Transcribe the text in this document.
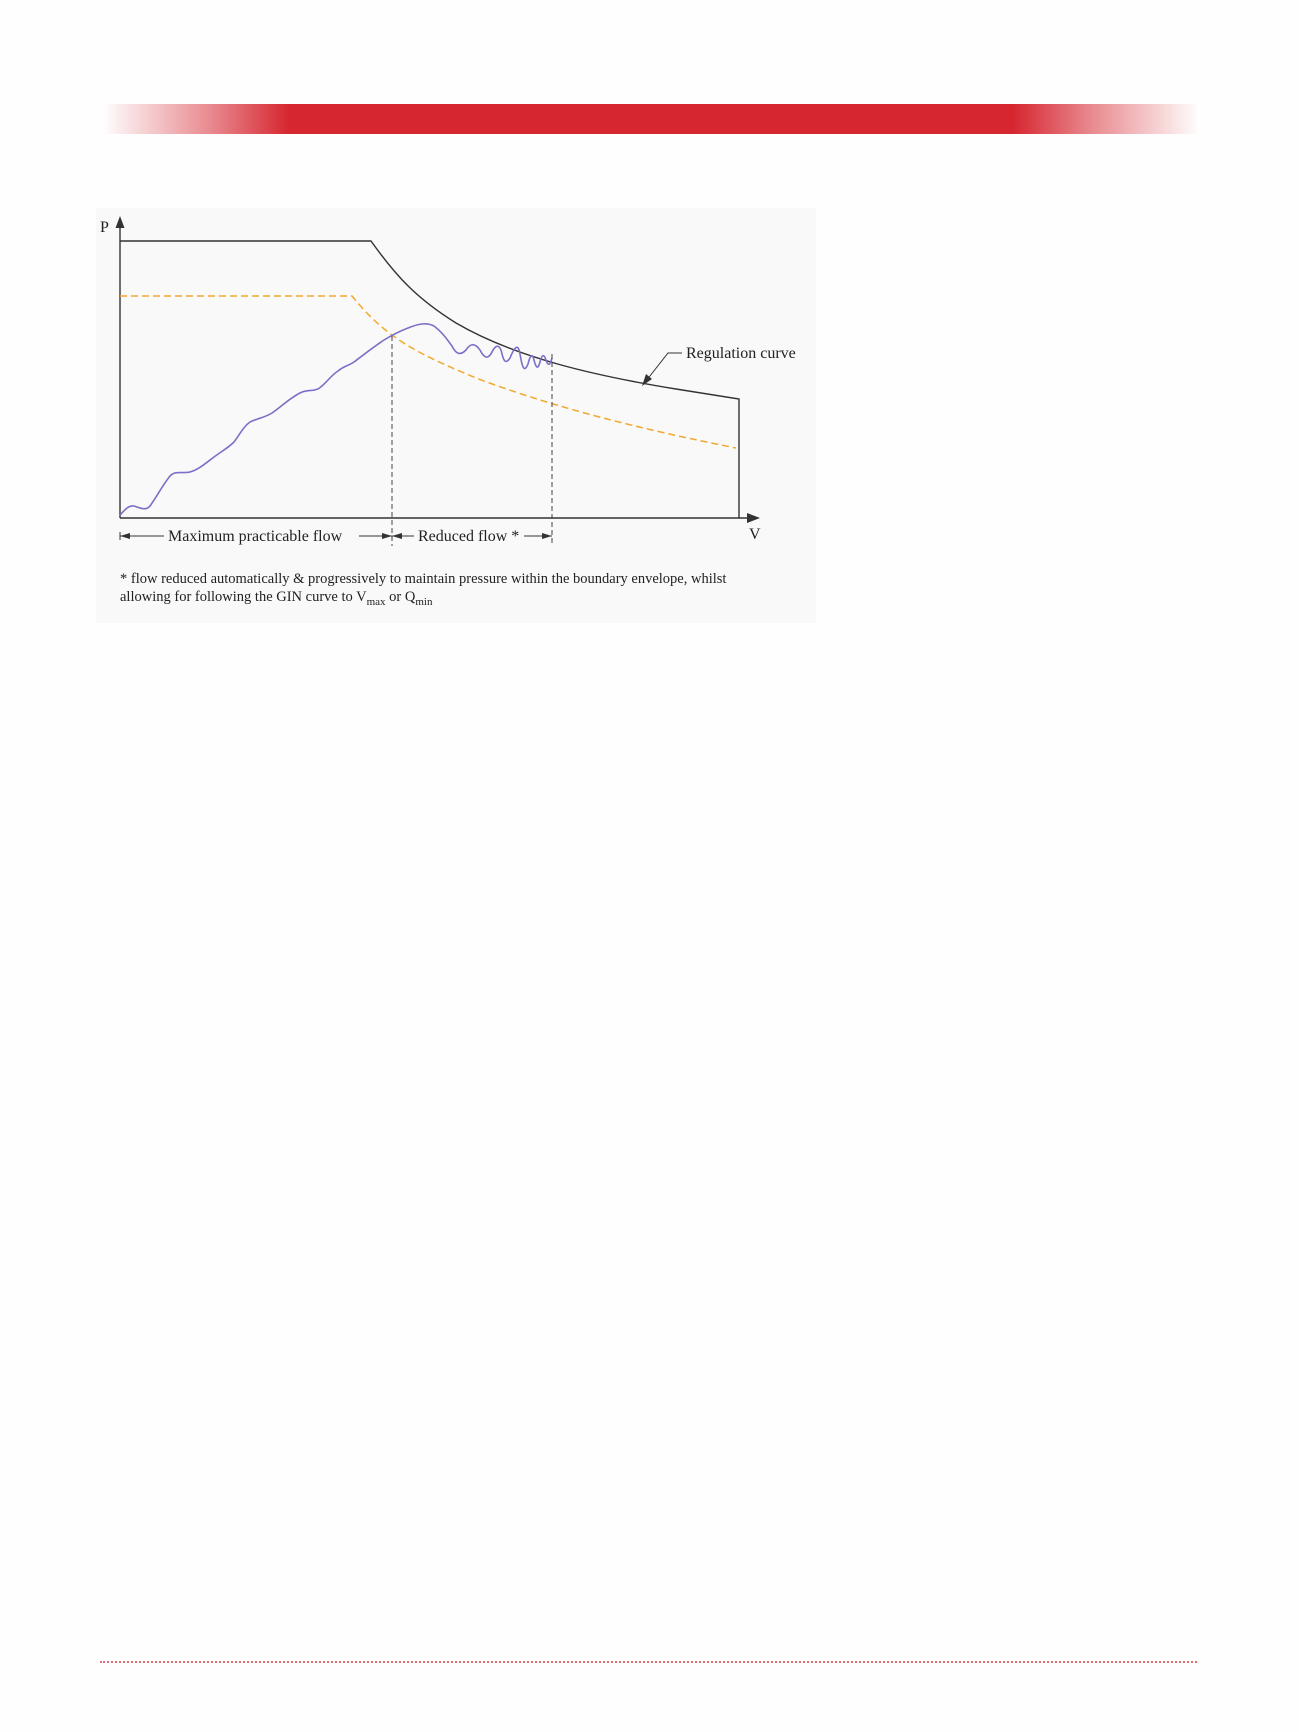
P
V
Regulation curve
Maximum practicable flow	Reduced flow *
* flow reduced automatically & progressively to maintain pressure within the boundary envelope, whilst
allowing for following the GIN curve to $V_{max}$ or $Q_{min}$
